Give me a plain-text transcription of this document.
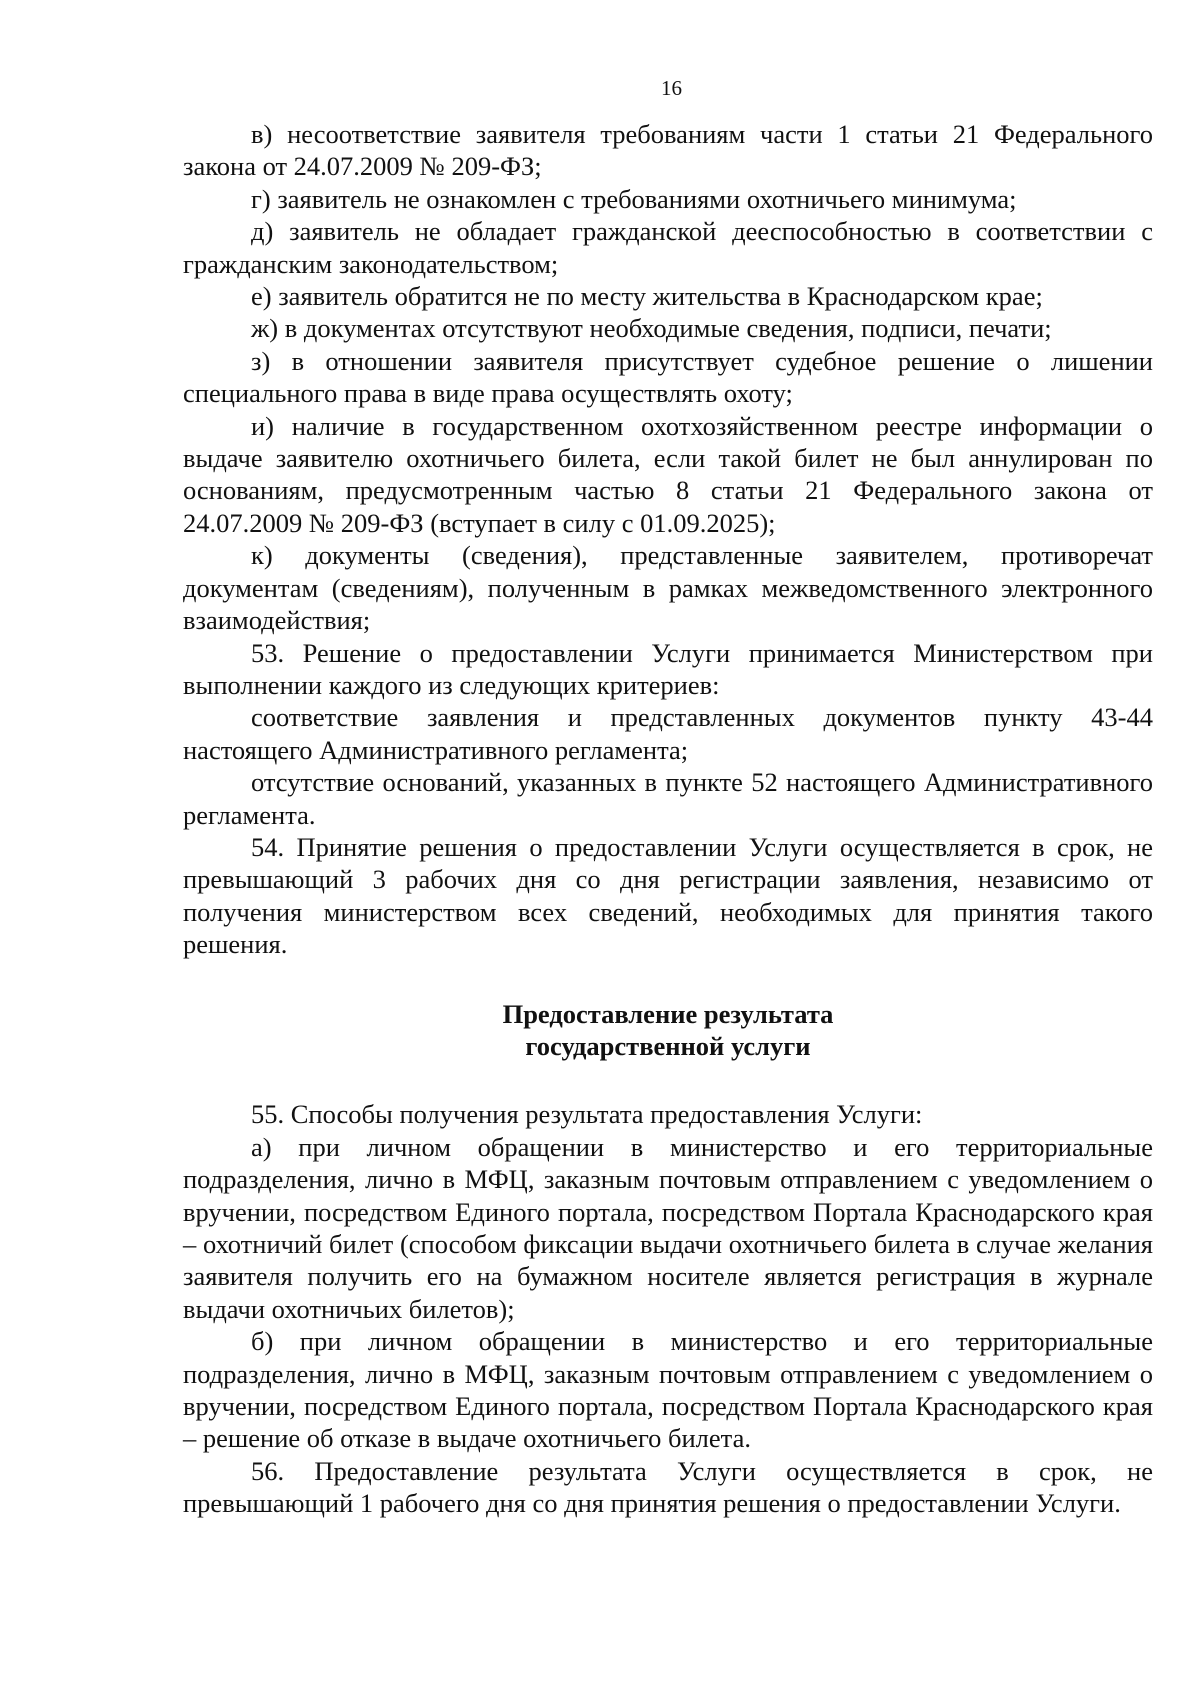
16

в) несоответствие заявителя требованиям части 1 статьи 21 Федерального закона от 24.07.2009 № 209-ФЗ;

г) заявитель не ознакомлен с требованиями охотничьего минимума;

д) заявитель не обладает гражданской дееспособностью в соответствии с гражданским законодательством;

е) заявитель обратится не по месту жительства в Краснодарском крае;

ж) в документах отсутствуют необходимые сведения, подписи, печати;

з) в отношении заявителя присутствует судебное решение о лишении специального права в виде права осуществлять охоту;

и) наличие в государственном охотхозяйственном реестре информации о выдаче заявителю охотничьего билета, если такой билет не был аннулирован по основаниям, предусмотренным частью 8 статьи 21 Федерального закона от 24.07.2009 № 209-ФЗ (вступает в силу с 01.09.2025);

к) документы (сведения), представленные заявителем, противоречат документам (сведениям), полученным в рамках межведомственного электронного взаимодействия;

53. Решение о предоставлении Услуги принимается Министерством при выполнении каждого из следующих критериев:

соответствие заявления и представленных документов пункту 43-44 настоящего Административного регламента;

отсутствие оснований, указанных в пункте 52 настоящего Административного регламента.

54. Принятие решения о предоставлении Услуги осуществляется в срок, не превышающий 3 рабочих дня со дня регистрации заявления, независимо от получения министерством всех сведений, необходимых для принятия такого решения.

Предоставление результата

государственной услуги

55. Способы получения результата предоставления Услуги:

а) при личном обращении в министерство и его территориальные подразделения, лично в МФЦ, заказным почтовым отправлением с уведомлением о вручении, посредством Единого портала, посредством Портала Краснодарского края – охотничий билет (способом фиксации выдачи охотничьего билета в случае желания заявителя получить его на бумажном носителе является регистрация в журнале выдачи охотничьих билетов);

б) при личном обращении в министерство и его территориальные подразделения, лично в МФЦ, заказным почтовым отправлением с уведомлением о вручении, посредством Единого портала, посредством Портала Краснодарского края – решение об отказе в выдаче охотничьего билета.

56. Предоставление результата Услуги осуществляется в срок, не превышающий 1 рабочего дня со дня принятия решения о предоставлении Услуги.
